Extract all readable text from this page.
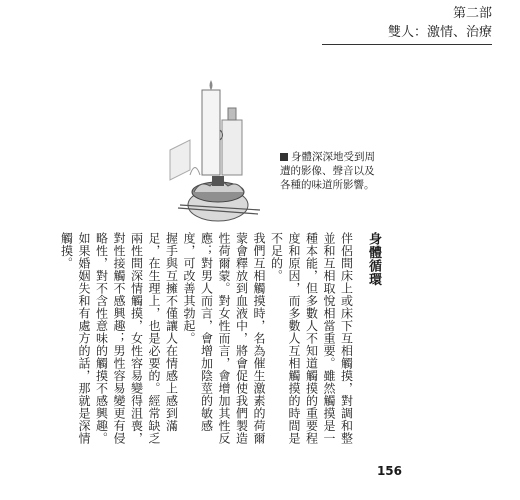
第二部
雙人：激情、治療
身體深深地受到周遭的影像、聲音以及各種的味道所影響。

身體循環

伴侶間床上或床下互相觸摸，對調和整並和互相取悅相當重要。雖然觸摸是一種本能，但多數人不知道觸摸的重要程度和原因，而多數人互相觸摸的時間是不足的。

我們互相觸摸時，名為催生激素的荷爾蒙會釋放到血液中，將會促使我們製造性荷爾蒙。對女性而言，會增加其性反應；對男人而言，會增加陰莖的敏感度，可改善其勃起。

握手與互擁不僅讓人在情感上感到滿足，在生理上，也是必要的。經常缺乏兩性間深情觸摸，女性容易變得沮喪，對性接觸不感興趣；男性容易變更有侵略性，對不含性意味的觸摸不感興趣。如果婚姻失和有處方的話，那就是深情觸摸。

156
